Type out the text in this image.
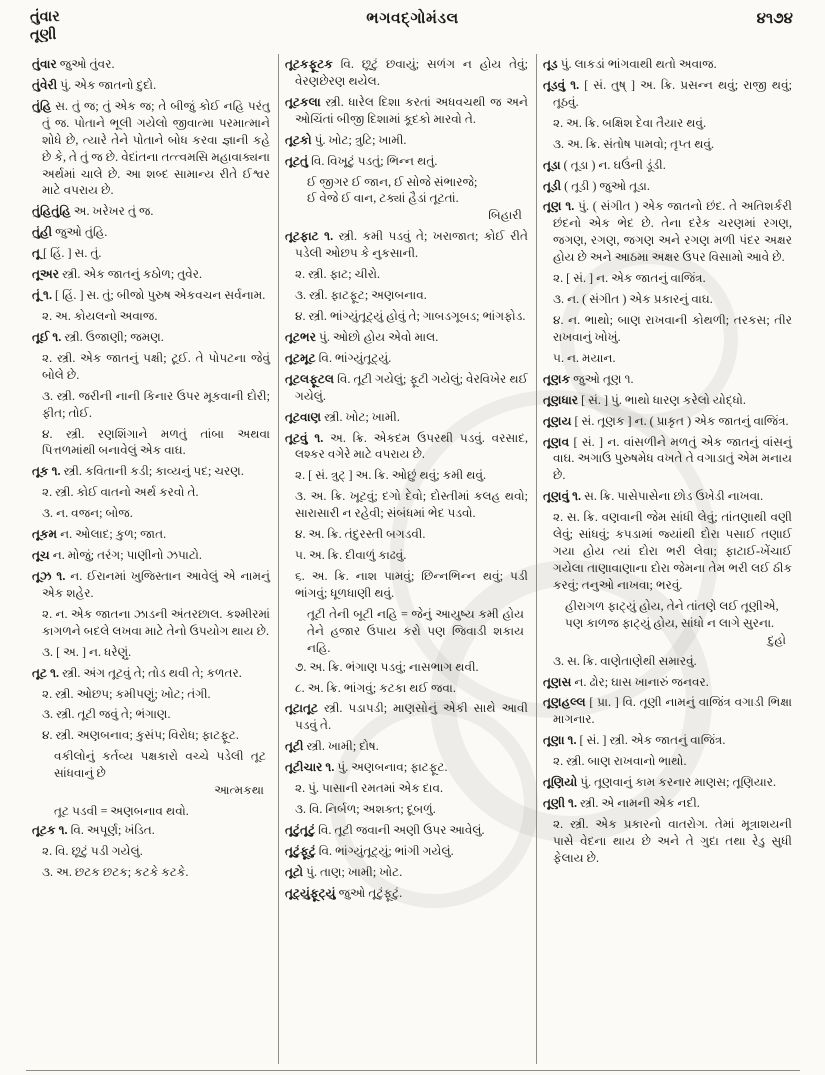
તુંવાર
તૂણી
ભગવદ્ગોમંડલ	૪૧૭૪

તુંવાર જુઓ તુંવર.

તુંવેરી પું. એક જાતનો દુદો.

તુંહિ સ. તું જ; તું એક જ; તે બીજું કોઈ નહિ પરંતુ તું જ. પોતાને ભૂલી ગયેલો જીવાત્મા પરમાત્માને શોધે છે, ત્યારે તેને પોતાને બોધ કરવા જ્ઞાની કહે છે કે, તે તું જ છે. વેદાંતના તત્ત્વમસિ મહાવાક્યના અર્થમાં ચાલે છે. આ શબ્દ સામાન્ય રીતે ઈશ્વર માટે વપરાય છે.

તુંહિતુંહિ અ. ખરેખર તું જ.

તુંહી જુઓ તુંહિ.

તૂ [ હિં. ] સ. તું.

તૂઅર સ્ત્રી. એક જાતનું કઠોળ; તુવેર.

તૂં ૧. [ હિં. ] સ. તું; બીજો પુરુષ એકવચન સર્વનામ.

૨. અ. કોયલનો અવાજ.

તૂઈ ૧. સ્ત્રી. ઉજાણી; જમણ.

૨. સ્ત્રી. એક જાતનું પક્ષી; ટૂઈ. તે પોપટના જેવું બોલે છે.

૩. સ્ત્રી. જરીની નાની કિનાર ઉપર મૂકવાની દોરી; ફીત; તોઈ.

૪. સ્ત્રી. રણશિંગાને મળતું તાંબા અથવા પિત્તળમાંથી બનાવેલું એક વાઘ.

તૂક ૧. સ્ત્રી. કવિતાની કડી; કાવ્યનું પદ; ચરણ.

૨. સ્ત્રી. કોઈ વાતનો અર્થ કરવો તે.

૩. ન. વજન; બોજ.

તૂકમ ન. ઓલાદ; કુળ; જાત.

તૂચ ન. મોજું; તરંગ; પાણીનો ઝપાટો.

તૂઝ ૧. ન. ઈરાનમાં ખુજિસ્તાન આવેલું એ નામનું એક શહેર.

૨. ન. એક જાતના ઝાડની અંતરછાલ. કશ્મીરમાં કાગળને બદલે લખવા માટે તેનો ઉપયોગ થાય છે.

૩. [ અ. ] ન. ધરેણું.

તૂટ ૧. સ્ત્રી. અંગ તૂટવું તે; તોડ થવી તે; કળતર.

૨. સ્ત્રી. ઓછપ; કમીપણું; ખોટ; તંગી.

૩. સ્ત્રી. તૂટી જવું તે; ભંગાણ.

૪. સ્ત્રી. અણબનાવ; કુસંપ; વિરોધ; ફાટફૂટ.

વકીલોનું કર્તવ્ય પક્ષકારો વચ્ચે પડેલી તૂટ સાંધવાનું છે

આત્મકથા

તૂટ પડવી = અણબનાવ થવો.

તૂટક ૧. વિ. અપૂર્ણ; ખંડિત.

૨. વિ. છૂટું પડી ગયેલું.

૩. અ. છટક છટક; કટકે કટકે.

તૂટકફૂટક વિ. છૂટું છવાયું; સળંગ ન હોય તેવું; વેરણછેરણ થયેલ.

તૂટકલા સ્ત્રી. ધારેલ દિશા કરતાં અધવચથી જ અને ઓચિંતાં બીજી દિશામાં કૂદકો મારવો તે.

તૂટકો પું. ખોટ; ત્રુટિ; ખામી.

તૂટતું વિ. વિખૂટું પડતું; ભિન્ન થતું.

ઈ જીગર ઈ જાન, ઈ સોજે સંભારજે;
ઈ વેજે ઈ વાન, ટક્યાં હૈડાં તૂટતાં.

બિહારી

તૂટફાટ ૧. સ્ત્રી. કમી પડવું તે; ખરાજાત; કોઈ રીતે પડેલી ઓછપ કે નુકસાની.

૨. સ્ત્રી. ફાટ; ચીરો.

૩. સ્ત્રી. ફાટફૂટ; અણબનાવ.

૪. સ્ત્રી. ભાંગ્યુંતૂટ્યું હોવું તે; ગાબડગૂબડ; ભાંગફોડ.

તૂટભર પું. ઓછો હોય એવો માલ.

તૂટમૂટ વિ. ભાંગ્યુંતૂટ્યું.

તૂટલફૂટલ વિ. તૂટી ગયેલું; ફૂટી ગયેલું; વેરવિખેર થઈ ગયેલું.

તૂટવાણ સ્ત્રી. ખોટ; ખામી.

તૂટવું ૧. અ. ક્રિ. એકદમ ઉપરથી પડવું. વરસાદ, લશ્કર વગેરે માટે વપરાય છે.

૨. [ સં. ત્રુટ્ ] અ. ક્રિ. ઓછું થવું; કમી થવું.

૩. અ. ક્રિ. ખૂટવું; દગો દેવો; દોસ્તીમાં કલહ થવો; સારાસારી ન રહેવી; સંબંધમાં ભેદ પડવો.

૪. અ. ક્રિ. તંદુરસ્તી બગડવી.

૫. અ. ક્રિ. દીવાળું કાઢવું.

૬. અ. ક્રિ. નાશ પામવું; છિન્નભિન્ન થવું; પડી ભાંગવું; ધૂળધાણી થવું.

તૂટી તેની બૂટી નહિ = જેનું આયુષ્ય કમી હોય તેને હજાર ઉપાય કરો પણ જિવાડી શકાય નહિ.

૭. અ. ક્રિ. ભંગાણ પડવું; નાસભાગ થવી.

૮. અ. ક્રિ. ભાંગવું; કટકા થઈ જવા.

તૂટાતૂટ સ્ત્રી. પડાપડી; માણસોનું એકી સાથે આવી પડવું તે.

તૂટી સ્ત્રી. ખામી; દોષ.

તૂટીચાર ૧. પું. અણબનાવ; ફાટફૂટ.

૨. પું. પાસાની રમતમાં એક દાવ.

૩. વિ. નિર્બળ; અશક્ત; દૂબળું.

તૂટુંતૂટું વિ. તૂટી જવાની અણી ઉપર આવેલું.

તૂટુંફૂટું વિ. ભાંગ્યુંતૂટ્યું; ભાંગી ગયેલું.

તૂટો પું. તાણ; ખામી; ખોટ.

તૂટ્યુંફૂટ્યું જુઓ તૂટુંફૂટું.

તૂડ પું. લાકડાં ભાંગવાથી થતો અવાજ.

તૂડવું ૧. [ સં. તુષ્ ] અ. ક્રિ. પ્રસન્ન થવું; રાજી થવું; તૂઠવું.

૨. અ. ક્રિ. બક્ષિશ દેવા તૈયાર થવું.

૩. અ. ક્રિ. સંતોષ પામવો; તૃપ્ત થવું.

તૂડા ( તૂડા ) ન. ઘઉંની ડૂંડી.

તૂડી ( તૂડી ) જુઓ તૂડા.

તૂણ ૧. પું. ( સંગીત ) એક જાતનો છંદ. તે અતિશર્કરી છંદનો એક ભેદ છે. તેના દરેક ચરણમાં રગણ, જગણ, રગણ, જગણ અને રગણ મળી પંદર અક્ષર હોય છે અને આઠમા અક્ષર ઉપર વિસામો આવે છે.

૨. [ સં. ] ન. એક જાતનું વાજિંત્ર.

૩. ન. ( સંગીત ) એક પ્રકારનું વાઘ.

૪. ન. ભાથો; બાણ રાખવાની કોથળી; તરકસ; તીર રાખવાનું ખોખું.

૫. ન. મયાન.

તૂણક જુઓ તૂણ ૧.

તૂણધાર [ સં. ] પું. ભાથો ધારણ કરેલો યોદ્ધો.

તૂણય [ સં. તૂણક ] ન. ( પ્રાકૃત ) એક જાતનું વાજિંત્ર.

તૂણવ [ સં. ] ન. વાંસળીને મળતું એક જાતનું વાંસનું વાઘ. અગાઉ પુરુષમેધ વખતે તે વગાડાતું એમ મનાય છે.

તૂણવું ૧. સ. ક્રિ. પાસેપાસેના છોડ ઉખેડી નાખવા.

૨. સ. ક્રિ. વણવાની જેમ સાંધી લેવું; તાંતણાથી વણી લેવું; સાંધવું; કપડામાં જ્યાંથી દોરા પસાઈ તણાઈ ગયા હોય ત્યાં દોરા ભરી લેવા; ફાટાઈ-ખેંચાઈ ગયેલા તાણાવાણાના દોરા જેમના તેમ ભરી લઈ ઠીક કરવું; તનુઓ નાખવા; ભરવું.

હીરાગળ ફાટ્યું હોય, તેને તાંતણે લઈ તૂણીએ,
પણ કાળજ ફાટ્યું હોય, સાંધો ન લાગે સુરના.

દુહો

૩. સ. ક્રિ. વાણેતાણેથી સમારવું.

તૂણસ ન. ઢોર; ઘાસ ખાનારું જનવર.

તૂણહલ્લ [ પ્રા. ] વિ. તૂણી નામનું વાજિંત્ર વગાડી ભિક્ષા માગનાર.

તૂણા ૧. [ સં. ] સ્ત્રી. એક જાતનું વાજિંત્ર.

૨. સ્ત્રી. બાણ રાખવાનો ભાથો.

તૂણિયો પું. તૂણવાનું કામ કરનાર માણસ; તૂણિયાર.

તૂણી ૧. સ્ત્રી. એ નામની એક નદી.

૨. સ્ત્રી. એક પ્રકારનો વાતરોગ. તેમાં મૂત્રાશયની પાસે વેદના થાય છે અને તે ગુદા તથા રેડુ સુધી ફેલાય છે.
